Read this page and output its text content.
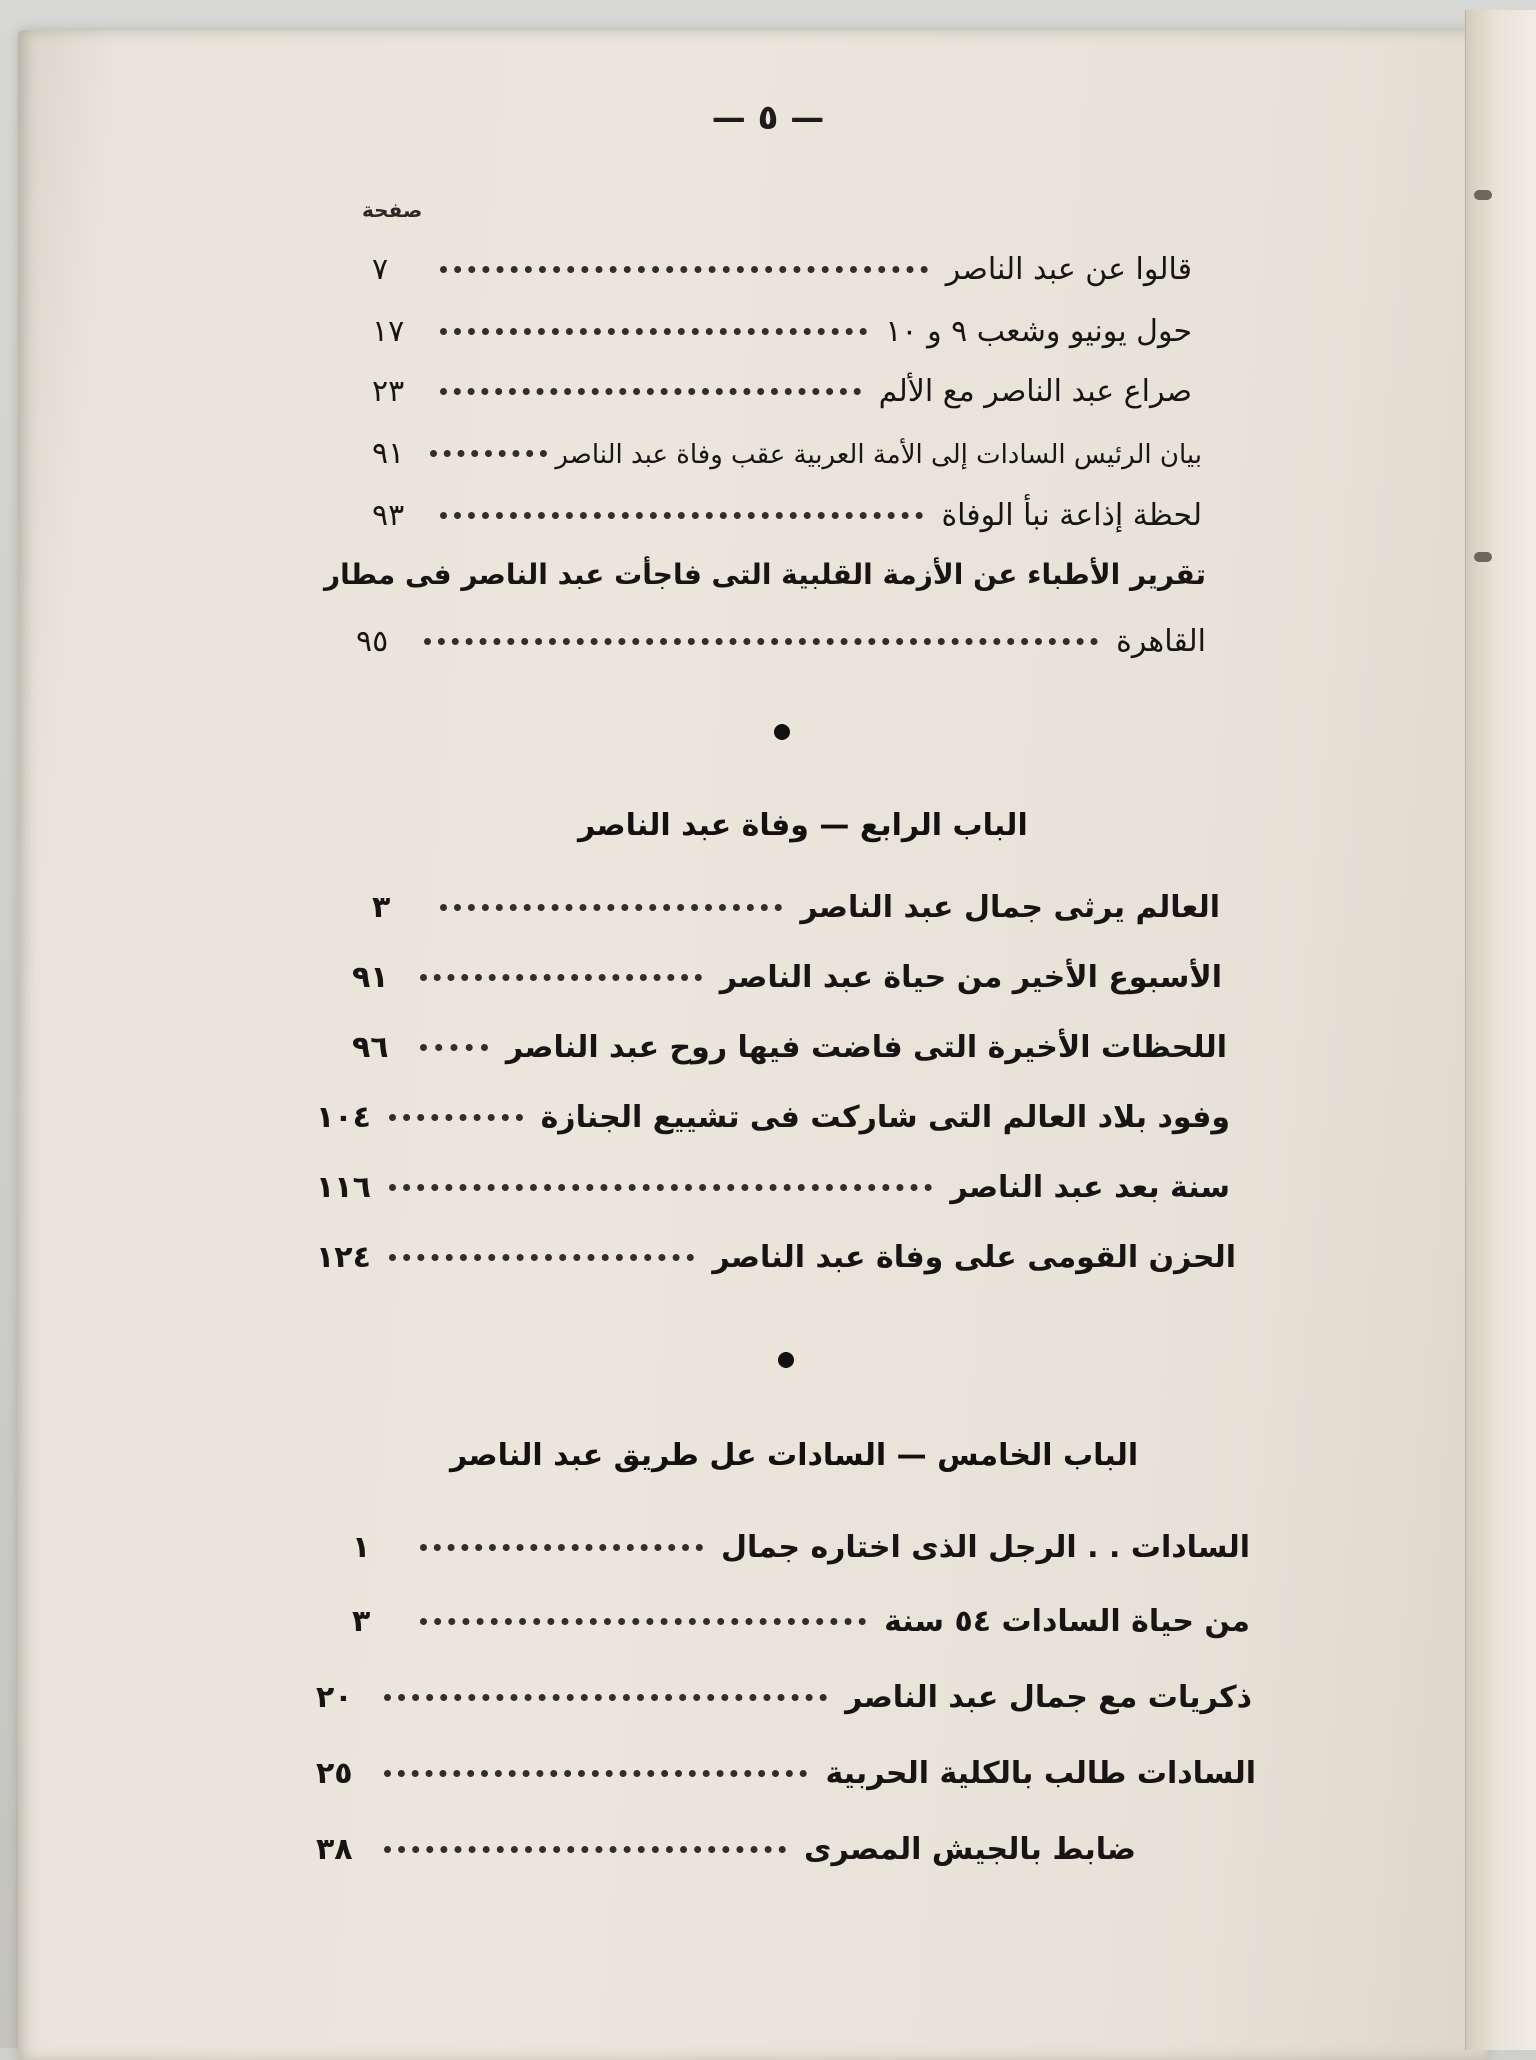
— ٥ —
صفحة
قالوا عن عبد الناصر
٧
حول يونيو وشعب ٩ و ١٠
١٧
صراع عبد الناصر مع الألم
٢٣
بيان الرئيس السادات إلى الأمة العربية عقب وفاة عبد الناصر
٩١
لحظة إذاعة نبأ الوفاة
٩٣
تقرير الأطباء عن الأزمة القلبية التى فاجأت عبد الناصر فى مطار
القاهرة
٩٥
الباب الرابع — وفاة عبد الناصر
العالم يرثى جمال عبد الناصر
٣
الأسبوع الأخير من حياة عبد الناصر
٩١
اللحظات الأخيرة التى فاضت فيها روح عبد الناصر
٩٦
وفود بلاد العالم التى شاركت فى تشييع الجنازة
١٠٤
سنة بعد عبد الناصر
١١٦
الحزن القومى على وفاة عبد الناصر
١٢٤
الباب الخامس — السادات عل طريق عبد الناصر
السادات . . الرجل الذى اختاره جمال
١
من حياة السادات ٥٤ سنة
٣
ذكريات مع جمال عبد الناصر
٢٠
السادات طالب بالكلية الحربية
٢٥
ضابط بالجيش المصرى
٣٨
